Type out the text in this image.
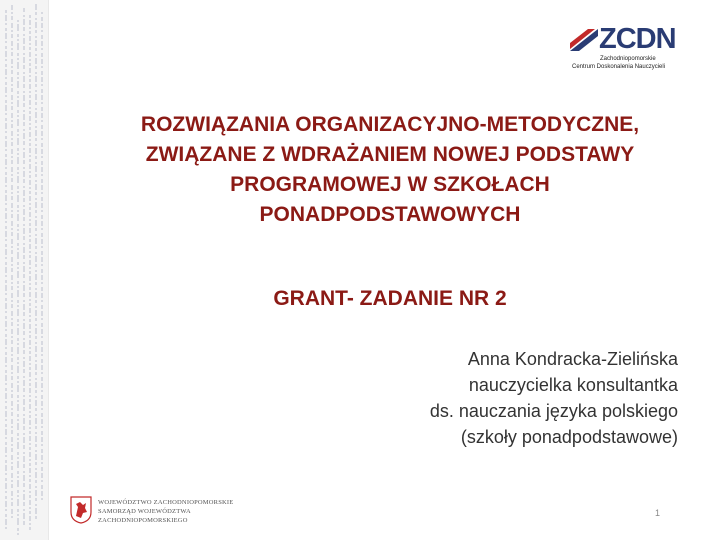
ZCDN
Zachodniopomorskie
Centrum Doskonalenia Nauczycieli
ROZWIĄZANIA ORGANIZACYJNO-METODYCZNE,
ZWIĄZANE Z WDRAŻANIEM NOWEJ PODSTAWY
PROGRAMOWEJ W SZKOŁACH
PONADPODSTAWOWYCH
GRANT- ZADANIE NR 2
Anna Kondracka-Zielińska
nauczycielka konsultantka
ds. nauczania języka polskiego
(szkoły ponadpodstawowe)
WOJEWÓDZTWO ZACHODNIOPOMORSKIE
SAMORZĄD WOJEWÓDZTWA
ZACHODNIOPOMORSKIEGO
1
